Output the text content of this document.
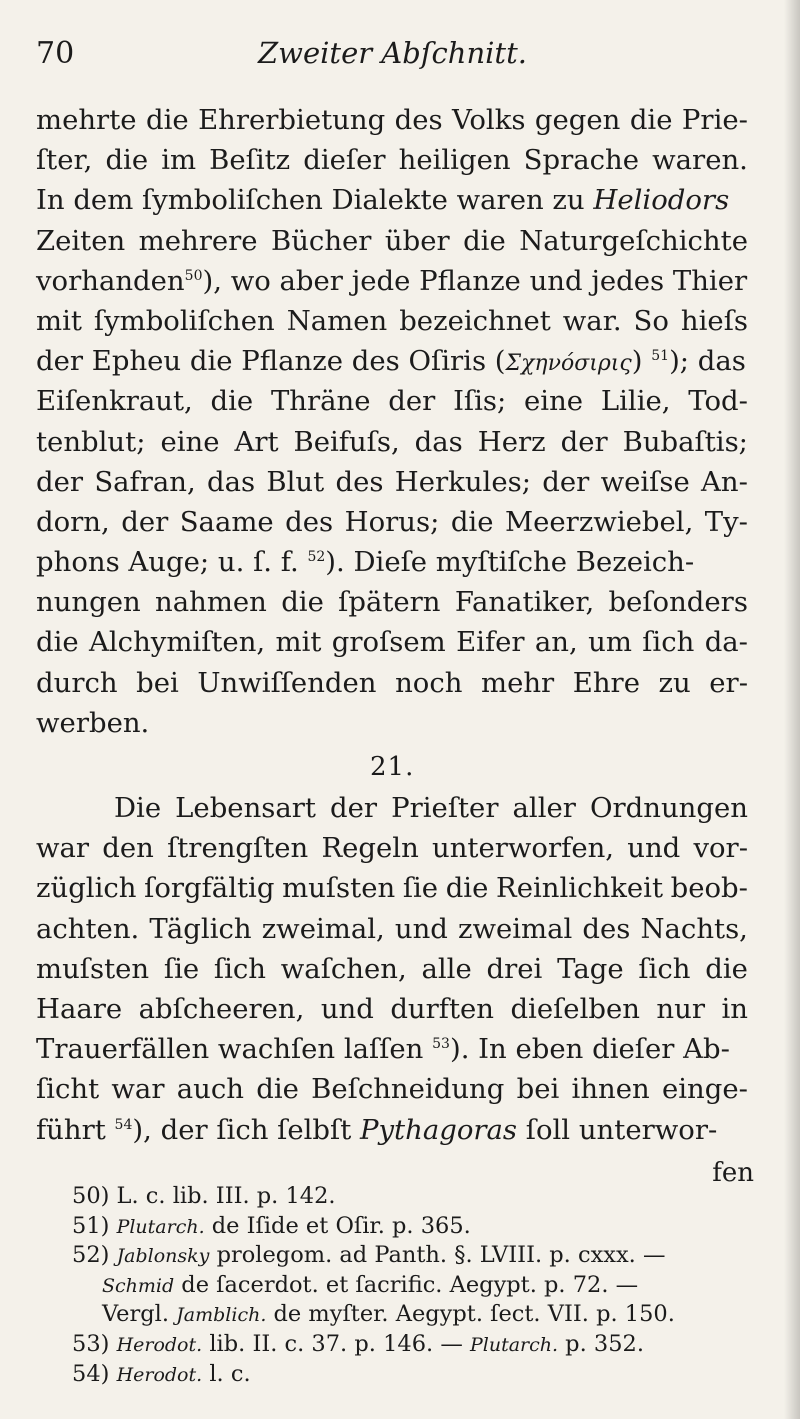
70	Zweiter Abſchnitt.
mehrte die Ehrerbietung des Volks gegen die Prie-
ſter, die im Beſitz dieſer heiligen Sprache waren.
In dem ſymboliſchen Dialekte waren zu Heliodors
Zeiten mehrere Bücher über die Naturgeſchichte
vorhanden$^{50}$), wo aber jede Pflanze und jedes Thier
mit ſymboliſchen Namen bezeichnet war. So hieſs
der Epheu die Pflanze des Oſiris (Σχηνόσιρις) $^{51}$); das
Eiſenkraut, die Thräne der Iſis; eine Lilie, Tod-
tenblut; eine Art Beifuſs, das Herz der Bubaſtis;
der Safran, das Blut des Herkules; der weiſse An-
dorn, der Saame des Horus; die Meerzwiebel, Ty-
phons Auge; u. ſ. f. $^{52}$). Dieſe myſtiſche Bezeich-
nungen nahmen die ſpätern Fanatiker, beſonders
die Alchymiſten, mit groſsem Eifer an, um ſich da-
durch bei Unwiſſenden noch mehr Ehre zu er-
werben.
21.
Die Lebensart der Prieſter aller Ordnungen
war den ſtrengſten Regeln unterworfen, und vor-
züglich ſorgfältig muſsten ſie die Reinlichkeit beob-
achten. Täglich zweimal, und zweimal des Nachts,
muſsten ſie ſich waſchen, alle drei Tage ſich die
Haare abſcheeren, und durften dieſelben nur in
Trauerfällen wachſen laſſen $^{53}$). In eben dieſer Ab-
ſicht war auch die Beſchneidung bei ihnen einge-
führt $^{54}$), der ſich ſelbſt Pythagoras ſoll unterwor-
fen
50) L. c. lib. III. p. 142.
51) Plutarch. de Iſide et Oſir. p. 365.
52) Jablonsky prolegom. ad Panth. §. LVIII. p. cxxx. —
Schmid de ſacerdot. et ſacrific. Aegypt. p. 72. —
Vergl. Jamblich. de myſter. Aegypt. ſect. VII. p. 150.
53) Herodot. lib. II. c. 37. p. 146. — Plutarch. p. 352.
54) Herodot. l. c.
